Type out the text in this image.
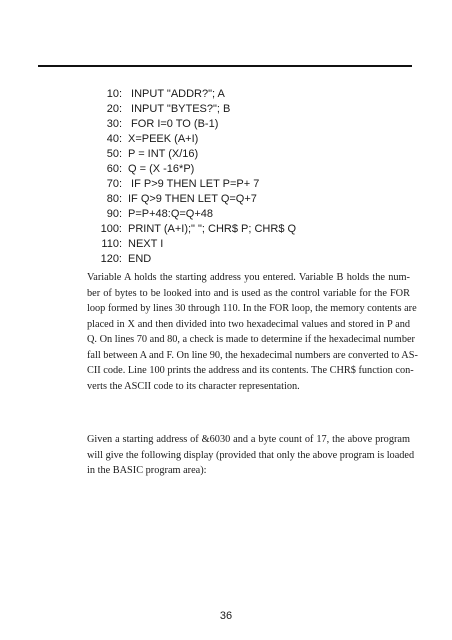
10: INPUT "ADDR?"; A
20: INPUT "BYTES?"; B
30: FOR I=0 TO (B-1)
40: X=PEEK (A+I)
50: P = INT (X/16)
60: Q = (X -16*P)
70: IF P>9 THEN LET P=P+ 7
80: IF Q>9 THEN LET Q=Q+7
90: P=P+48:Q=Q+48
100: PRINT (A+I);" "; CHR$ P; CHR$ Q
110: NEXT I
120: END
Variable A holds the starting address you entered. Variable B holds the num-
ber of bytes to be looked into and is used as the control variable for the FOR
loop formed by lines 30 through 110. In the FOR loop, the memory contents are
placed in X and then divided into two hexadecimal values and stored in P and
Q. On lines 70 and 80, a check is made to determine if the hexadecimal number
fall between A and F. On line 90, the hexadecimal numbers are converted to AS-
CII code. Line 100 prints the address and its contents. The CHR$ function con-
verts the ASCII code to its character representation.
Given a starting address of &6030 and a byte count of 17, the above program
will give the following display (provided that only the above program is loaded
in the BASIC program area):
36
